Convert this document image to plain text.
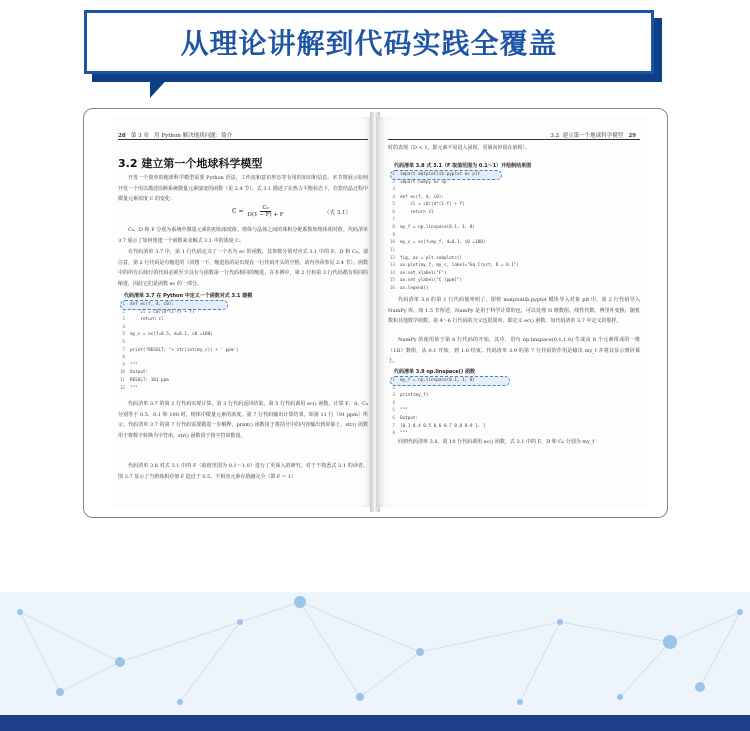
从理论讲解到代码实践全覆盖
28 第 3 章 用 Python 解决地质问题：简介
3.2 建立第一个地球科学模型
开发一个简单的地球科学模型需要 Python 语法、工作流和意识形态等有用的知识和信息。本节将展示如何开发一个用以描述诊断系统微量元素演变的函数（见 2.4 节）。式 3.1 描述了在热力平衡状态下，岩浆结晶过程中微量元素浓度 C 的变化：
$C = \frac{\text{C₀}}{D(1 - F) + F}$	（式 3.1）
C₀、D 和 F 分别为系统中微量元素的初始浓度值、熔体与晶体之间的体积分配系数和熔体相对值。代码清单 3.7 展示了如何创建一个函数来求解式 3.1 中的浓度 C。
在代码清单 3.7 中，第 1 行代码定义了一个名为 ec 的函数，其参数分别对应式 3.1 中的 F、D 和 C₀。请注意，第 2 行代码是有缩进的（回想一下，缩进指的是出现在一行代码开头的空格，请内容回参见 2.4 节）。函数中的所有后续行的代码必须至少具有与函数第一行代码相同的缩进。在本例中，第 2 行和第 3 行代码都有相同的缩进，因此它们是函数 ec 的一部分。
代码清单 3.7 在 Python 中定义一个函数对式 3.1 建模
1	def ec(f, d, c0):
2	cl = c0/(d*(1-f) + f)
3	return cl
4
5	my_c = ec(f=0.5, d=0.1, c0 =100)
6
7	print("RESULT: "+ str(int(my_c)) + ' ppm')
8
9	"""
10	Output:
11	RESULT: 181 ppm
12	"""
代码清单 3.7 的第 2 行代码实现计算，第 3 行代码返回结果。第 5 行代码调用 ec() 函数，计算 F、d、C₀ 分别等于 0.5、0.1 和 100 时，熔体中微量元素的浓度。第 7 行代码输出计算结果，如第 11 行（91 ppm）所示。代码清单 3.7 的第 7 行代码需要做进一步解释，print() 函数用于将括号中的内容输出到屏幕上，str() 函数用于将数字转换为字符串，str() 函数用于将字符串数量。
代码清单 3.8 对式 3.1 中的 F（取值范围为 0.1～1.0）进行了更深入的研究。对于不熟悉式 3.1 的读者，图 3.7 显示了当熔体相对值 F 趋近于 0.5，不相容元素在熔融完全（即 F = 1）
3.2 建立第一个地球科学模型 29
时的表现（D < 1，即元素不易进入固相，更倾向停留在液相）。
代码清单 3.8 式 3.1（F 取值范围为 0.1～1）并绘制结果图
1	import matplotlib.pyplot as plt
2	import numpy as np
3
4	def ec(f, d, c0):
5	cl = c0/(d*(1-f) + f)
6	return cl
7
8	my_f = np.linspace(0.1, 1, 8)
9
10	my_c = ec(f=my_f, d=0.1, c0 =100)
11
12	fig, ax = plt.subplots()
13	ax.plot(my_f, my_c, label="Eq Cryst, D = 0.1")
14	ax.set_xlabel("F")
15	ax.set_ylabel("C [ppm]")
16	ax.legend()
代码清单 3.8 的第 1 行代码簇率明了，即将 matplotlib.pyplot 模块导入对象 plt 中，第 2 行代码导入 NumPy 库。如 1.5 节所述，NumPy 是用于科学计算的包，可以处理 N 维数组、线性代数、傅里叶变换、随机数和其他数学函数。第 4～6 行代码的含义也很简单，即定义 ec() 函数，如代码清单 3.7 中定义的那样。
NumPy 的使用始于第 8 行代码的开始，其中，语句 np.linspace(0.1,1.0) 生成由 8 个元素组成的一维（1D）数组，从 0.1 开始，到 1.0 结束。代码清单 3.9 的第 7 行代码的作用是输出 my_f 并将其显示到屏幕上。
代码清单 3.9 np.linspace() 函数
1	my_f = np.linspace(0.1, 1, 8)
2
3	print(my_f)
4
5	"""
6	Output:
7	[0.1 0.4 0.5 0.6 0.7 0.8 0.9 1. ]
8	"""
回到代码清单 3.8，第 10 行代码调用 ec() 函数，式 3.1 中的 F、D 和 C₀ 分别为 my_f
